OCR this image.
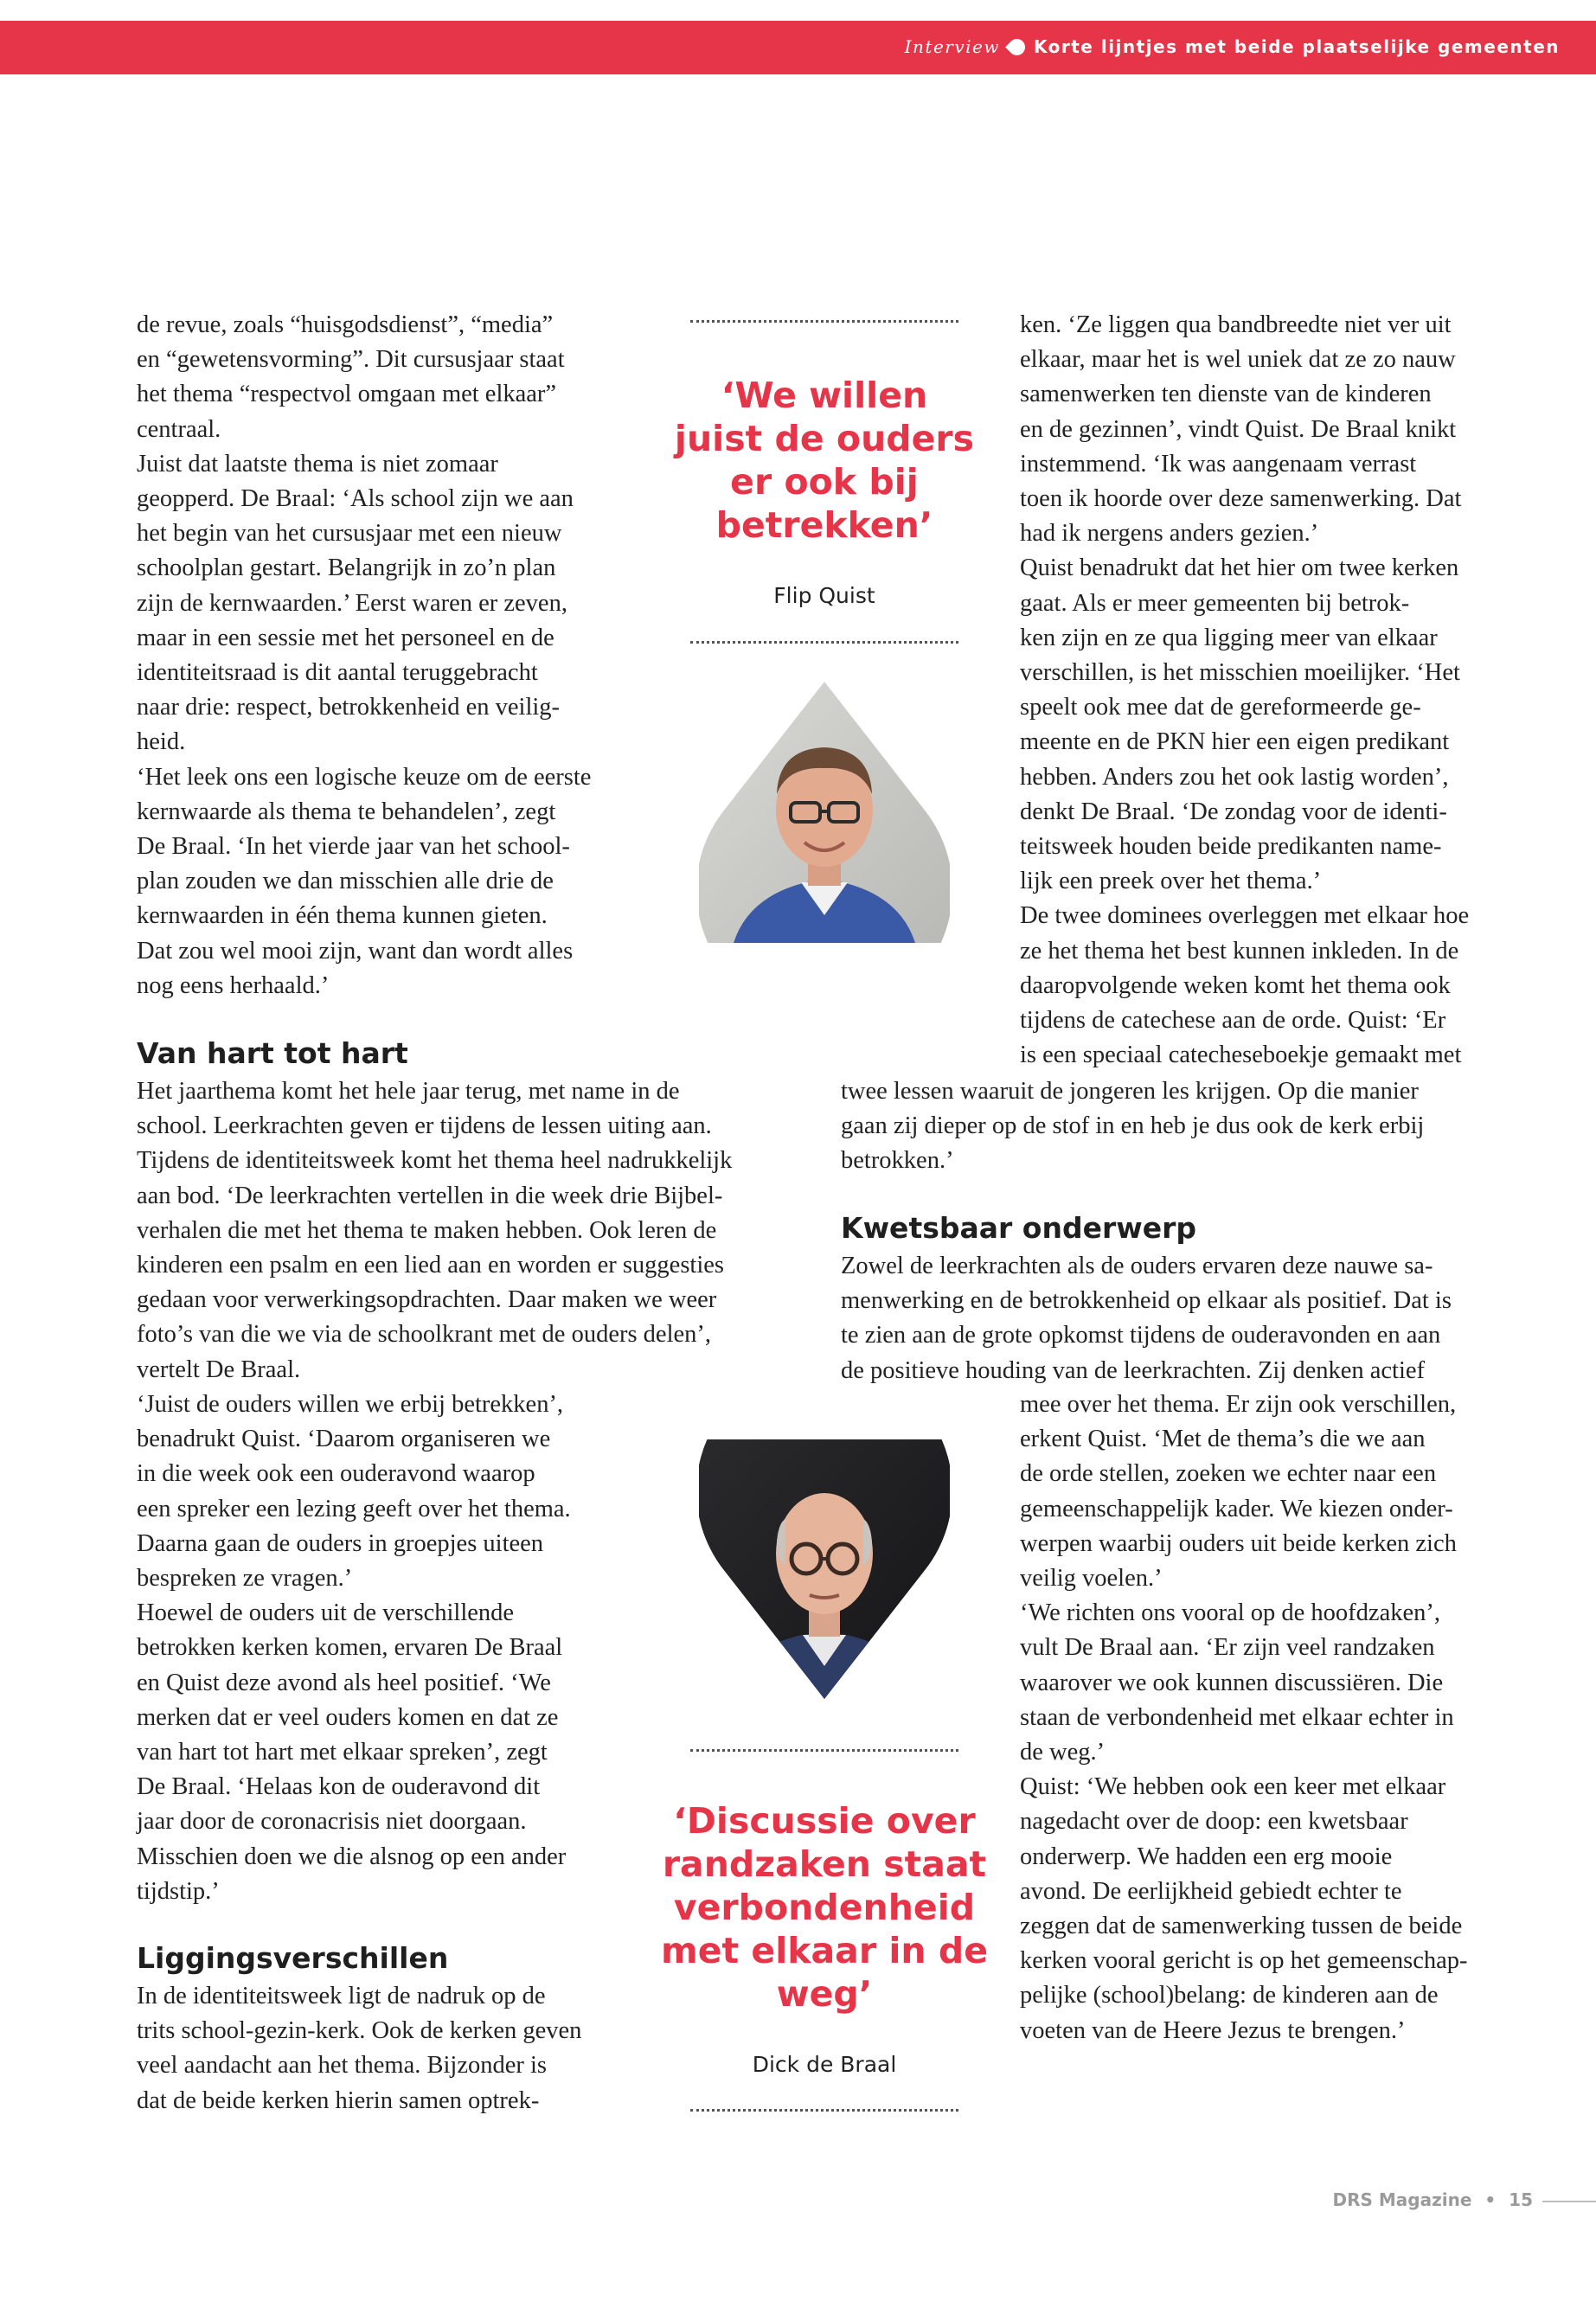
Interview Korte lijntjes met beide plaatselijke gemeenten

de revue, zoals “huisgodsdienst”, “media”

en “gewetensvorming”. Dit cursusjaar staat

het thema “respectvol omgaan met elkaar”

centraal.

Juist dat laatste thema is niet zomaar

geopperd. De Braal: ‘Als school zijn we aan

het begin van het cursusjaar met een nieuw

schoolplan gestart. Belangrijk in zo’n plan

zijn de kernwaarden.’ Eerst waren er zeven,

maar in een sessie met het personeel en de

identiteitsraad is dit aantal teruggebracht

naar drie: respect, betrokkenheid en veilig-

heid.

‘Het leek ons een logische keuze om de eerste

kernwaarde als thema te behandelen’, zegt

De Braal. ‘In het vierde jaar van het school-

plan zouden we dan misschien alle drie de

kernwaarden in één thema kunnen gieten.

Dat zou wel mooi zijn, want dan wordt alles

nog eens herhaald.’

Van hart tot hart

Het jaarthema komt het hele jaar terug, met name in de

school. Leerkrachten geven er tijdens de lessen uiting aan.

Tijdens de identiteitsweek komt het thema heel nadrukkelijk

aan bod. ‘De leerkrachten vertellen in die week drie Bijbel-

verhalen die met het thema te maken hebben. Ook leren de

kinderen een psalm en een lied aan en worden er suggesties

gedaan voor verwerkingsopdrachten. Daar maken we weer

foto’s van die we via de schoolkrant met de ouders delen’,

vertelt De Braal.

‘Juist de ouders willen we erbij betrekken’,

benadrukt Quist. ‘Daarom organiseren we

in die week ook een ouderavond waarop

een spreker een lezing geeft over het thema.

Daarna gaan de ouders in groepjes uiteen

bespreken ze vragen.’

Hoewel de ouders uit de verschillende

betrokken kerken komen, ervaren De Braal

en Quist deze avond als heel positief. ‘We

merken dat er veel ouders komen en dat ze

van hart tot hart met elkaar spreken’, zegt

De Braal. ‘Helaas kon de ouderavond dit

jaar door de coronacrisis niet doorgaan.

Misschien doen we die alsnog op een ander

tijdstip.’

Liggingsverschillen

In de identiteitsweek ligt de nadruk op de

trits school-gezin-kerk. Ook de kerken geven

veel aandacht aan het thema. Bijzonder is

dat de beide kerken hierin samen optrek-

ken. ‘Ze liggen qua bandbreedte niet ver uit

elkaar, maar het is wel uniek dat ze zo nauw

samenwerken ten dienste van de kinderen

en de gezinnen’, vindt Quist. De Braal knikt

instemmend. ‘Ik was aangenaam verrast

toen ik hoorde over deze samenwerking. Dat

had ik nergens anders gezien.’

Quist benadrukt dat het hier om twee kerken

gaat. Als er meer gemeenten bij betrok-

ken zijn en ze qua ligging meer van elkaar

verschillen, is het misschien moeilijker. ‘Het

speelt ook mee dat de gereformeerde ge-

meente en de PKN hier een eigen predikant

hebben. Anders zou het ook lastig worden’,

denkt De Braal. ‘De zondag voor de identi-

teitsweek houden beide predikanten name-

lijk een preek over het thema.’

De twee dominees overleggen met elkaar hoe

ze het thema het best kunnen inkleden. In de

daaropvolgende weken komt het thema ook

tijdens de catechese aan de orde. Quist: ‘Er

is een speciaal catecheseboekje gemaakt met

twee lessen waaruit de jongeren les krijgen. Op die manier

gaan zij dieper op de stof in en heb je dus ook de kerk erbij

betrokken.’

Kwetsbaar onderwerp

Zowel de leerkrachten als de ouders ervaren deze nauwe sa-

menwerking en de betrokkenheid op elkaar als positief. Dat is

te zien aan de grote opkomst tijdens de ouderavonden en aan

de positieve houding van de leerkrachten. Zij denken actief

mee over het thema. Er zijn ook verschillen,

erkent Quist. ‘Met de thema’s die we aan

de orde stellen, zoeken we echter naar een

gemeenschappelijk kader. We kiezen onder-

werpen waarbij ouders uit beide kerken zich

veilig voelen.’

‘We richten ons vooral op de hoofdzaken’,

vult De Braal aan. ‘Er zijn veel randzaken

waarover we ook kunnen discussiëren. Die

staan de verbondenheid met elkaar echter in

de weg.’

Quist: ‘We hebben ook een keer met elkaar

nagedacht over de doop: een kwetsbaar

onderwerp. We hadden een erg mooie

avond. De eerlijkheid gebiedt echter te

zeggen dat de samenwerking tussen de beide

kerken vooral gericht is op het gemeenschap-

pelijke (school)belang: de kinderen aan de

voeten van de Heere Jezus te brengen.’

‘We willen
juist de ouders
er ook bij
betrekken’
Flip Quist
‘Discussie over
randzaken staat
verbondenheid
met elkaar in de
weg’
Dick de Braal
DRS Magazine • 15
